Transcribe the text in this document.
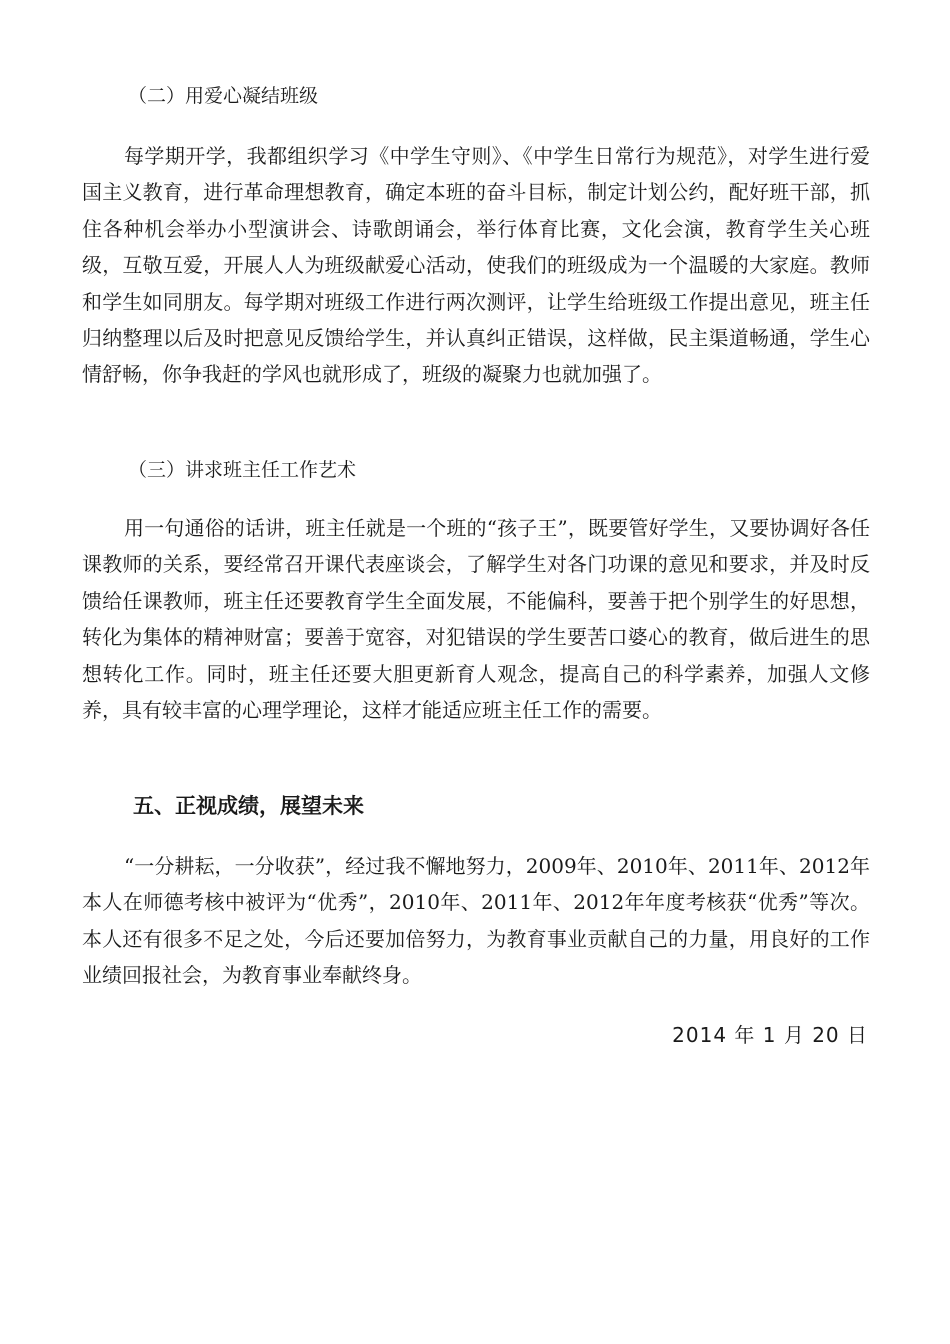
（二）用爱心凝结班级

每学期开学，我都组织学习《中学生守则》、《中学生日常行为规范》，对学生进行爱国主义教育，进行革命理想教育，确定本班的奋斗目标，制定计划公约，配好班干部，抓住各种机会举办小型演讲会、诗歌朗诵会，举行体育比赛，文化会演，教育学生关心班级，互敬互爱，开展人人为班级献爱心活动，使我们的班级成为一个温暖的大家庭。教师和学生如同朋友。每学期对班级工作进行两次测评，让学生给班级工作提出意见，班主任归纳整理以后及时把意见反馈给学生，并认真纠正错误，这样做，民主渠道畅通，学生心情舒畅，你争我赶的学风也就形成了，班级的凝聚力也就加强了。

（三）讲求班主任工作艺术

用一句通俗的话讲，班主任就是一个班的“孩子王”，既要管好学生，又要协调好各任课教师的关系，要经常召开课代表座谈会，了解学生对各门功课的意见和要求，并及时反馈给任课教师，班主任还要教育学生全面发展，不能偏科，要善于把个别学生的好思想，转化为集体的精神财富；要善于宽容，对犯错误的学生要苦口婆心的教育，做后进生的思想转化工作。同时，班主任还要大胆更新育人观念，提高自己的科学素养，加强人文修养，具有较丰富的心理学理论，这样才能适应班主任工作的需要。

五、正视成绩，展望未来

“一分耕耘，一分收获”，经过我不懈地努力，2009年、2010年、2011年、2012年本人在师德考核中被评为“优秀”，2010年、2011年、2012年年度考核获“优秀”等次。本人还有很多不足之处，今后还要加倍努力，为教育事业贡献自己的力量，用良好的工作业绩回报社会，为教育事业奉献终身。

2014 年 1 月 20 日
